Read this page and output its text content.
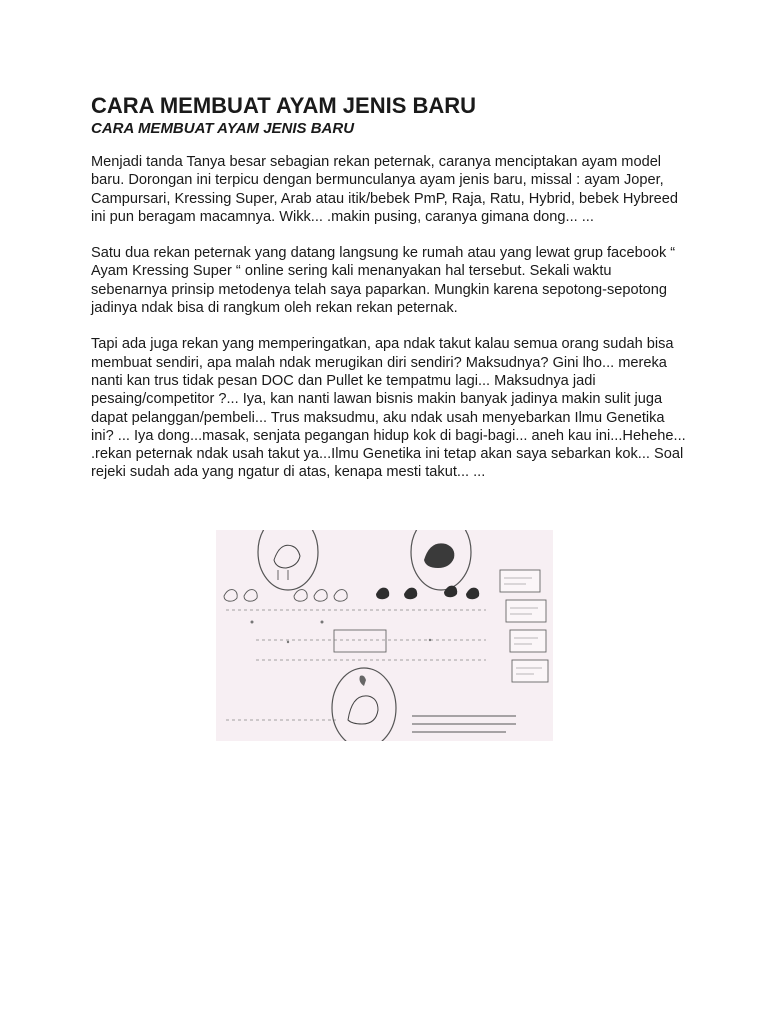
CARA MEMBUAT AYAM JENIS BARU
CARA MEMBUAT AYAM JENIS BARU

Menjadi tanda Tanya besar sebagian rekan peternak, caranya menciptakan ayam model baru. Dorongan ini terpicu dengan bermunculanya ayam jenis baru, missal : ayam Joper, Campursari, Kressing Super, Arab atau itik/bebek PmP, Raja, Ratu, Hybrid, bebek Hybreed ini pun beragam macamnya. Wikk... .makin pusing, caranya gimana dong... ...

Satu dua rekan peternak yang datang langsung ke rumah atau yang lewat grup facebook “ Ayam Kressing Super “ online sering kali menanyakan hal tersebut. Sekali waktu sebenarnya prinsip metodenya telah saya paparkan. Mungkin karena sepotong-sepotong jadinya ndak bisa di rangkum oleh rekan rekan peternak.

Tapi ada juga rekan yang memperingatkan, apa ndak takut kalau semua orang sudah bisa membuat sendiri, apa malah ndak merugikan diri sendiri? Maksudnya? Gini lho... mereka nanti kan trus tidak pesan DOC dan Pullet ke tempatmu lagi... Maksudnya jadi pesaing/competitor ?... Iya, kan nanti lawan bisnis makin banyak jadinya makin sulit juga dapat pelanggan/pembeli... Trus maksudmu, aku ndak usah menyebarkan Ilmu Genetika ini? ... Iya dong...masak, senjata pegangan hidup kok di bagi-bagi... aneh kau ini...Hehehe... .rekan peternak ndak usah takut ya...Ilmu Genetika ini tetap akan saya sebarkan kok... Soal rejeki sudah ada yang ngatur di atas, kenapa mesti takut... ...
